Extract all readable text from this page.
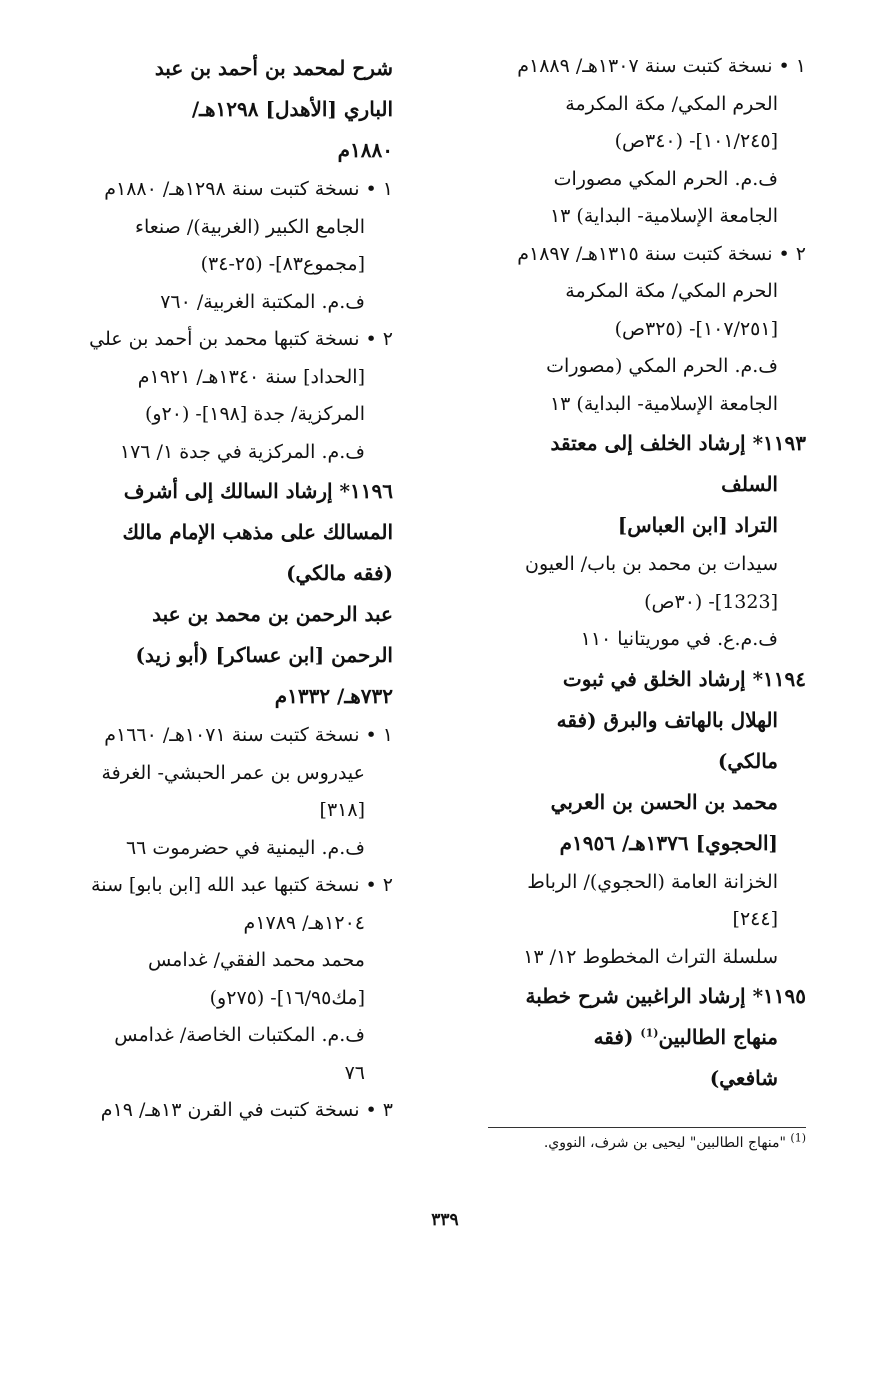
١ • نسخة كتبت سنة ١٣٠٧هـ/ ١٨٨٩م
الحرم المكي/ مكة المكرمة
[١٠١/٢٤٥]- (٣٤٠ص)
ف.م. الحرم المكي مصورات
الجامعة الإسلامية- البداية) ١٣
٢ • نسخة كتبت سنة ١٣١٥هـ/ ١٨٩٧م
الحرم المكي/ مكة المكرمة
[١٠٧/٢٥١]- (٣٢٥ص)
ف.م. الحرم المكي (مصورات
الجامعة الإسلامية- البداية) ١٣
١١٩٣* إرشاد الخلف إلى معتقد
السلف
التراد [ابن العباس]
سيدات بن محمد بن باب/ العيون
[1323]- (٣٠ص)
ف.م.ع. في موريتانيا ١١٠
١١٩٤* إرشاد الخلق في ثبوت
الهلال بالهاتف والبرق (فقه
مالكي)
محمد بن الحسن بن العربي
[الحجوي] ١٣٧٦هـ/ ١٩٥٦م
الخزانة العامة (الحجوي)/ الرباط
[٢٤٤]
سلسلة التراث المخطوط ١٢/ ١٣
١١٩٥* إرشاد الراغبين شرح خطبة
منهاج الطالبين$^{(1)}$ (فقه
شافعي)
شرح لمحمد بن أحمد بن عبد
الباري [الأهدل] ١٢٩٨هـ/
١٨٨٠م
١ • نسخة كتبت سنة ١٢٩٨هـ/ ١٨٨٠م
الجامع الكبير (الغربية)/ صنعاء
[مجموع٨٣]- (٢٥-٣٤)
ف.م. المكتبة الغربية/ ٧٦٠
٢ • نسخة كتبها محمد بن أحمد بن علي
[الحداد] سنة ١٣٤٠هـ/ ١٩٢١م
المركزية/ جدة [١٩٨]- (٢٠و)
ف.م. المركزية في جدة ١/ ١٧٦
١١٩٦* إرشاد السالك إلى أشرف
المسالك على مذهب الإمام مالك
(فقه مالكي)
عبد الرحمن بن محمد بن عبد
الرحمن [ابن عساكر] (أبو زيد)
٧٣٢هـ/ ١٣٣٢م
١ • نسخة كتبت سنة ١٠٧١هـ/ ١٦٦٠م
عيدروس بن عمر الحبشي- الغرفة
[٣١٨]
ف.م. اليمنية في حضرموت ٦٦
٢ • نسخة كتبها عبد الله [ابن بابو] سنة
١٢٠٤هـ/ ١٧٨٩م
محمد محمد الفقي/ غدامس
[مك١٦/٩٥]- (٢٧٥و)
ف.م. المكتبات الخاصة/ غدامس
٧٦
٣ • نسخة كتبت في القرن ١٣هـ/ ١٩م
$^{(1)}$ "منهاج الطالبين" ليحيى بن شرف، النووي.
٣٣٩
